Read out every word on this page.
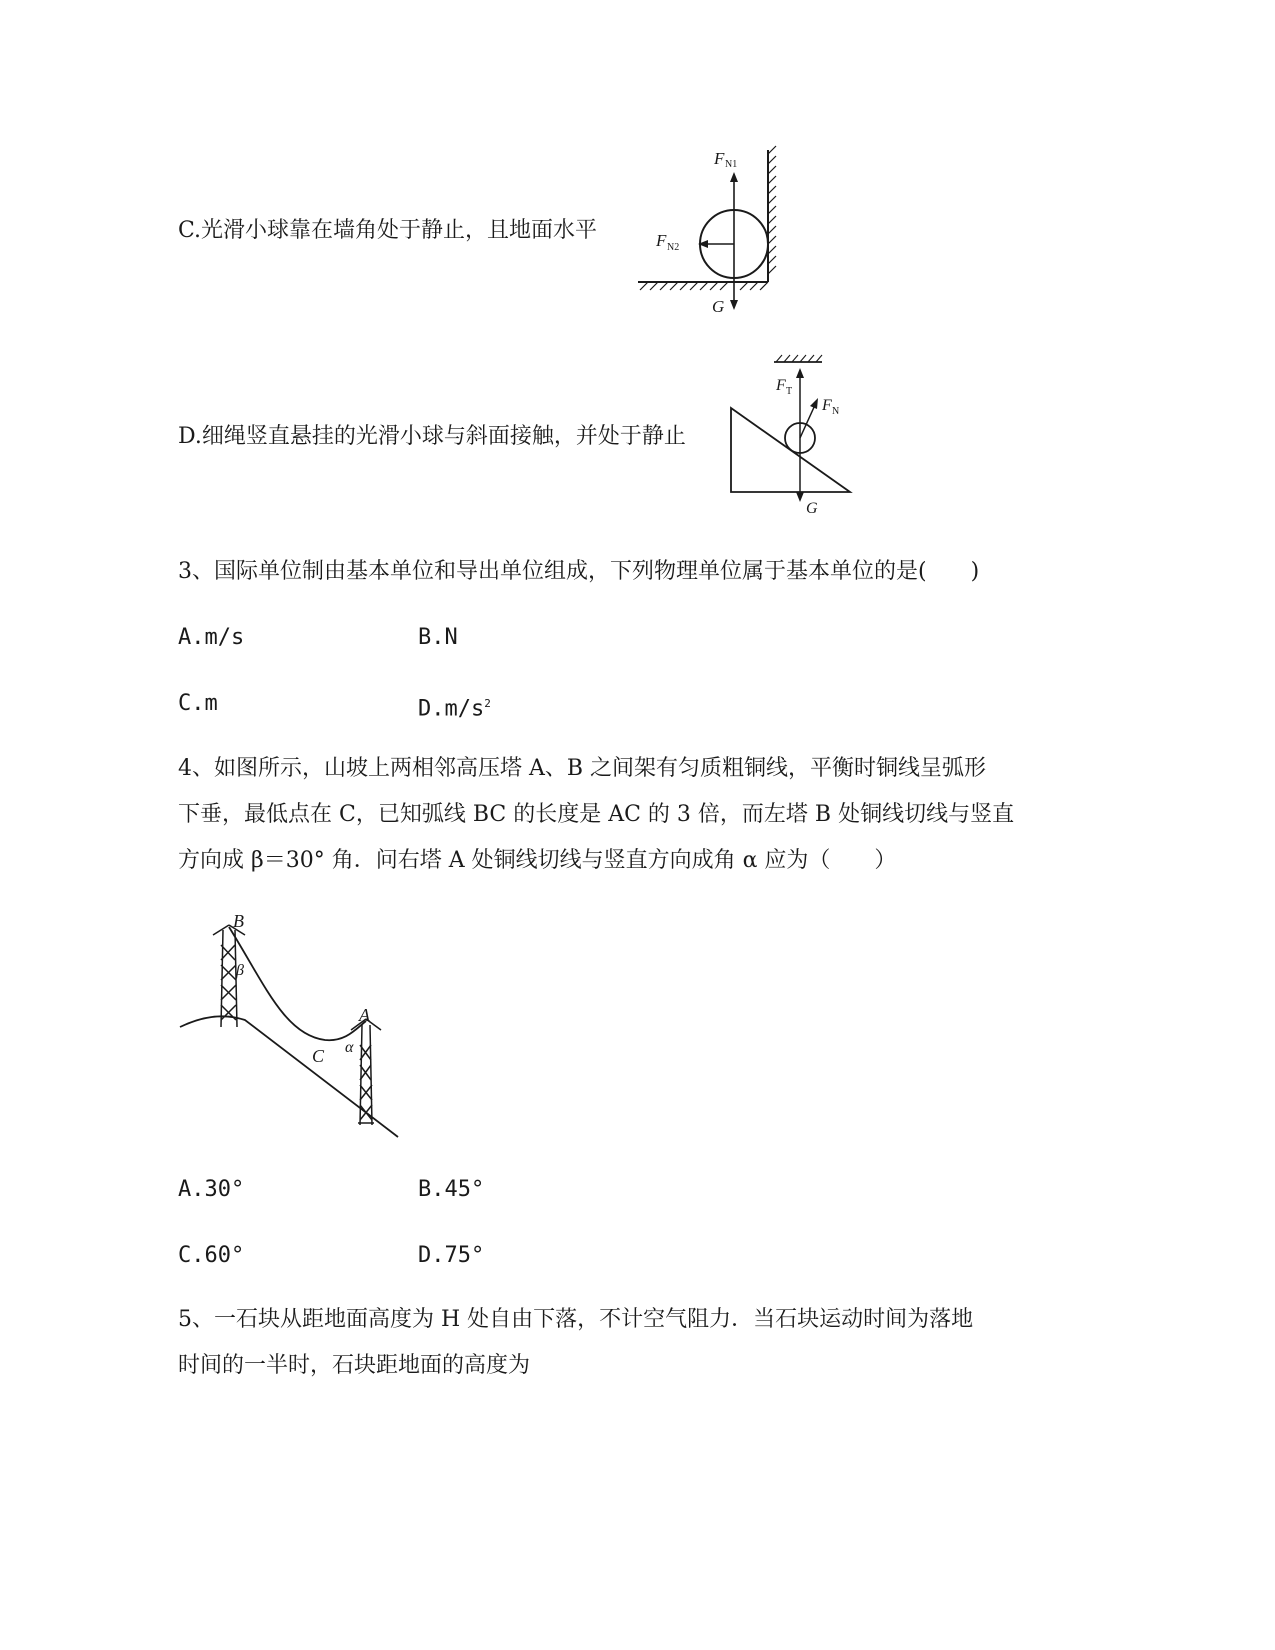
C.光滑小球靠在墙角处于静止，且地面水平
F N1
F N2
G
D.细绳竖直悬挂的光滑小球与斜面接触，并处于静止
F T
F N
G
3、国际单位制由基本单位和导出单位组成，下列物理单位属于基本单位的是(　　)
A.m/s	B.N
C.m	$D.m/s^2$
4、如图所示，山坡上两相邻高压塔 A、B 之间架有匀质粗铜线，平衡时铜线呈弧形
下垂，最低点在 C，已知弧线 BC 的长度是 AC 的 3 倍，而左塔 B 处铜线切线与竖直
方向成 β＝30° 角．问右塔 A 处铜线切线与竖直方向成角 α 应为（　　）
B
β
A
α
C
A.30°	B.45°
C.60°	D.75°
5、一石块从距地面高度为 H 处自由下落，不计空气阻力．当石块运动时间为落地
时间的一半时，石块距地面的高度为
